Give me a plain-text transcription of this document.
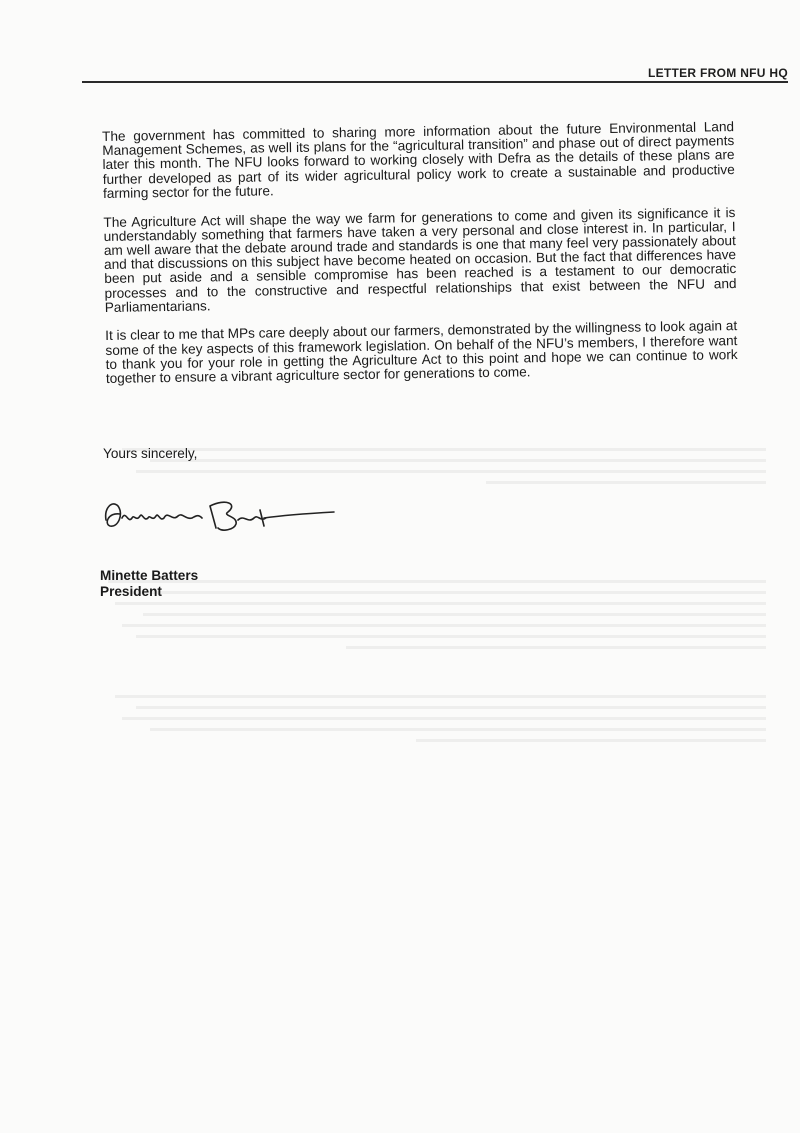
LETTER FROM NFU HQ

The government has committed to sharing more information about the future Environmental Land Management Schemes, as well its plans for the “agricultural transition” and phase out of direct payments later this month. The NFU looks forward to working closely with Defra as the details of these plans are further developed as part of its wider agricultural policy work to create a sustainable and productive farming sector for the future.

The Agriculture Act will shape the way we farm for generations to come and given its significance it is understandably something that farmers have taken a very personal and close interest in. In particular, I am well aware that the debate around trade and standards is one that many feel very passionately about and that discussions on this subject have become heated on occasion. But the fact that differences have been put aside and a sensible compromise has been reached is a testament to our democratic processes and to the constructive and respectful relationships that exist between the NFU and Parliamentarians.

It is clear to me that MPs care deeply about our farmers, demonstrated by the willingness to look again at some of the key aspects of this framework legislation. On behalf of the NFU’s members, I therefore want to thank you for your role in getting the Agriculture Act to this point and hope we can continue to work together to ensure a vibrant agriculture sector for generations to come.

Yours sincerely,
Minette Batters
President
